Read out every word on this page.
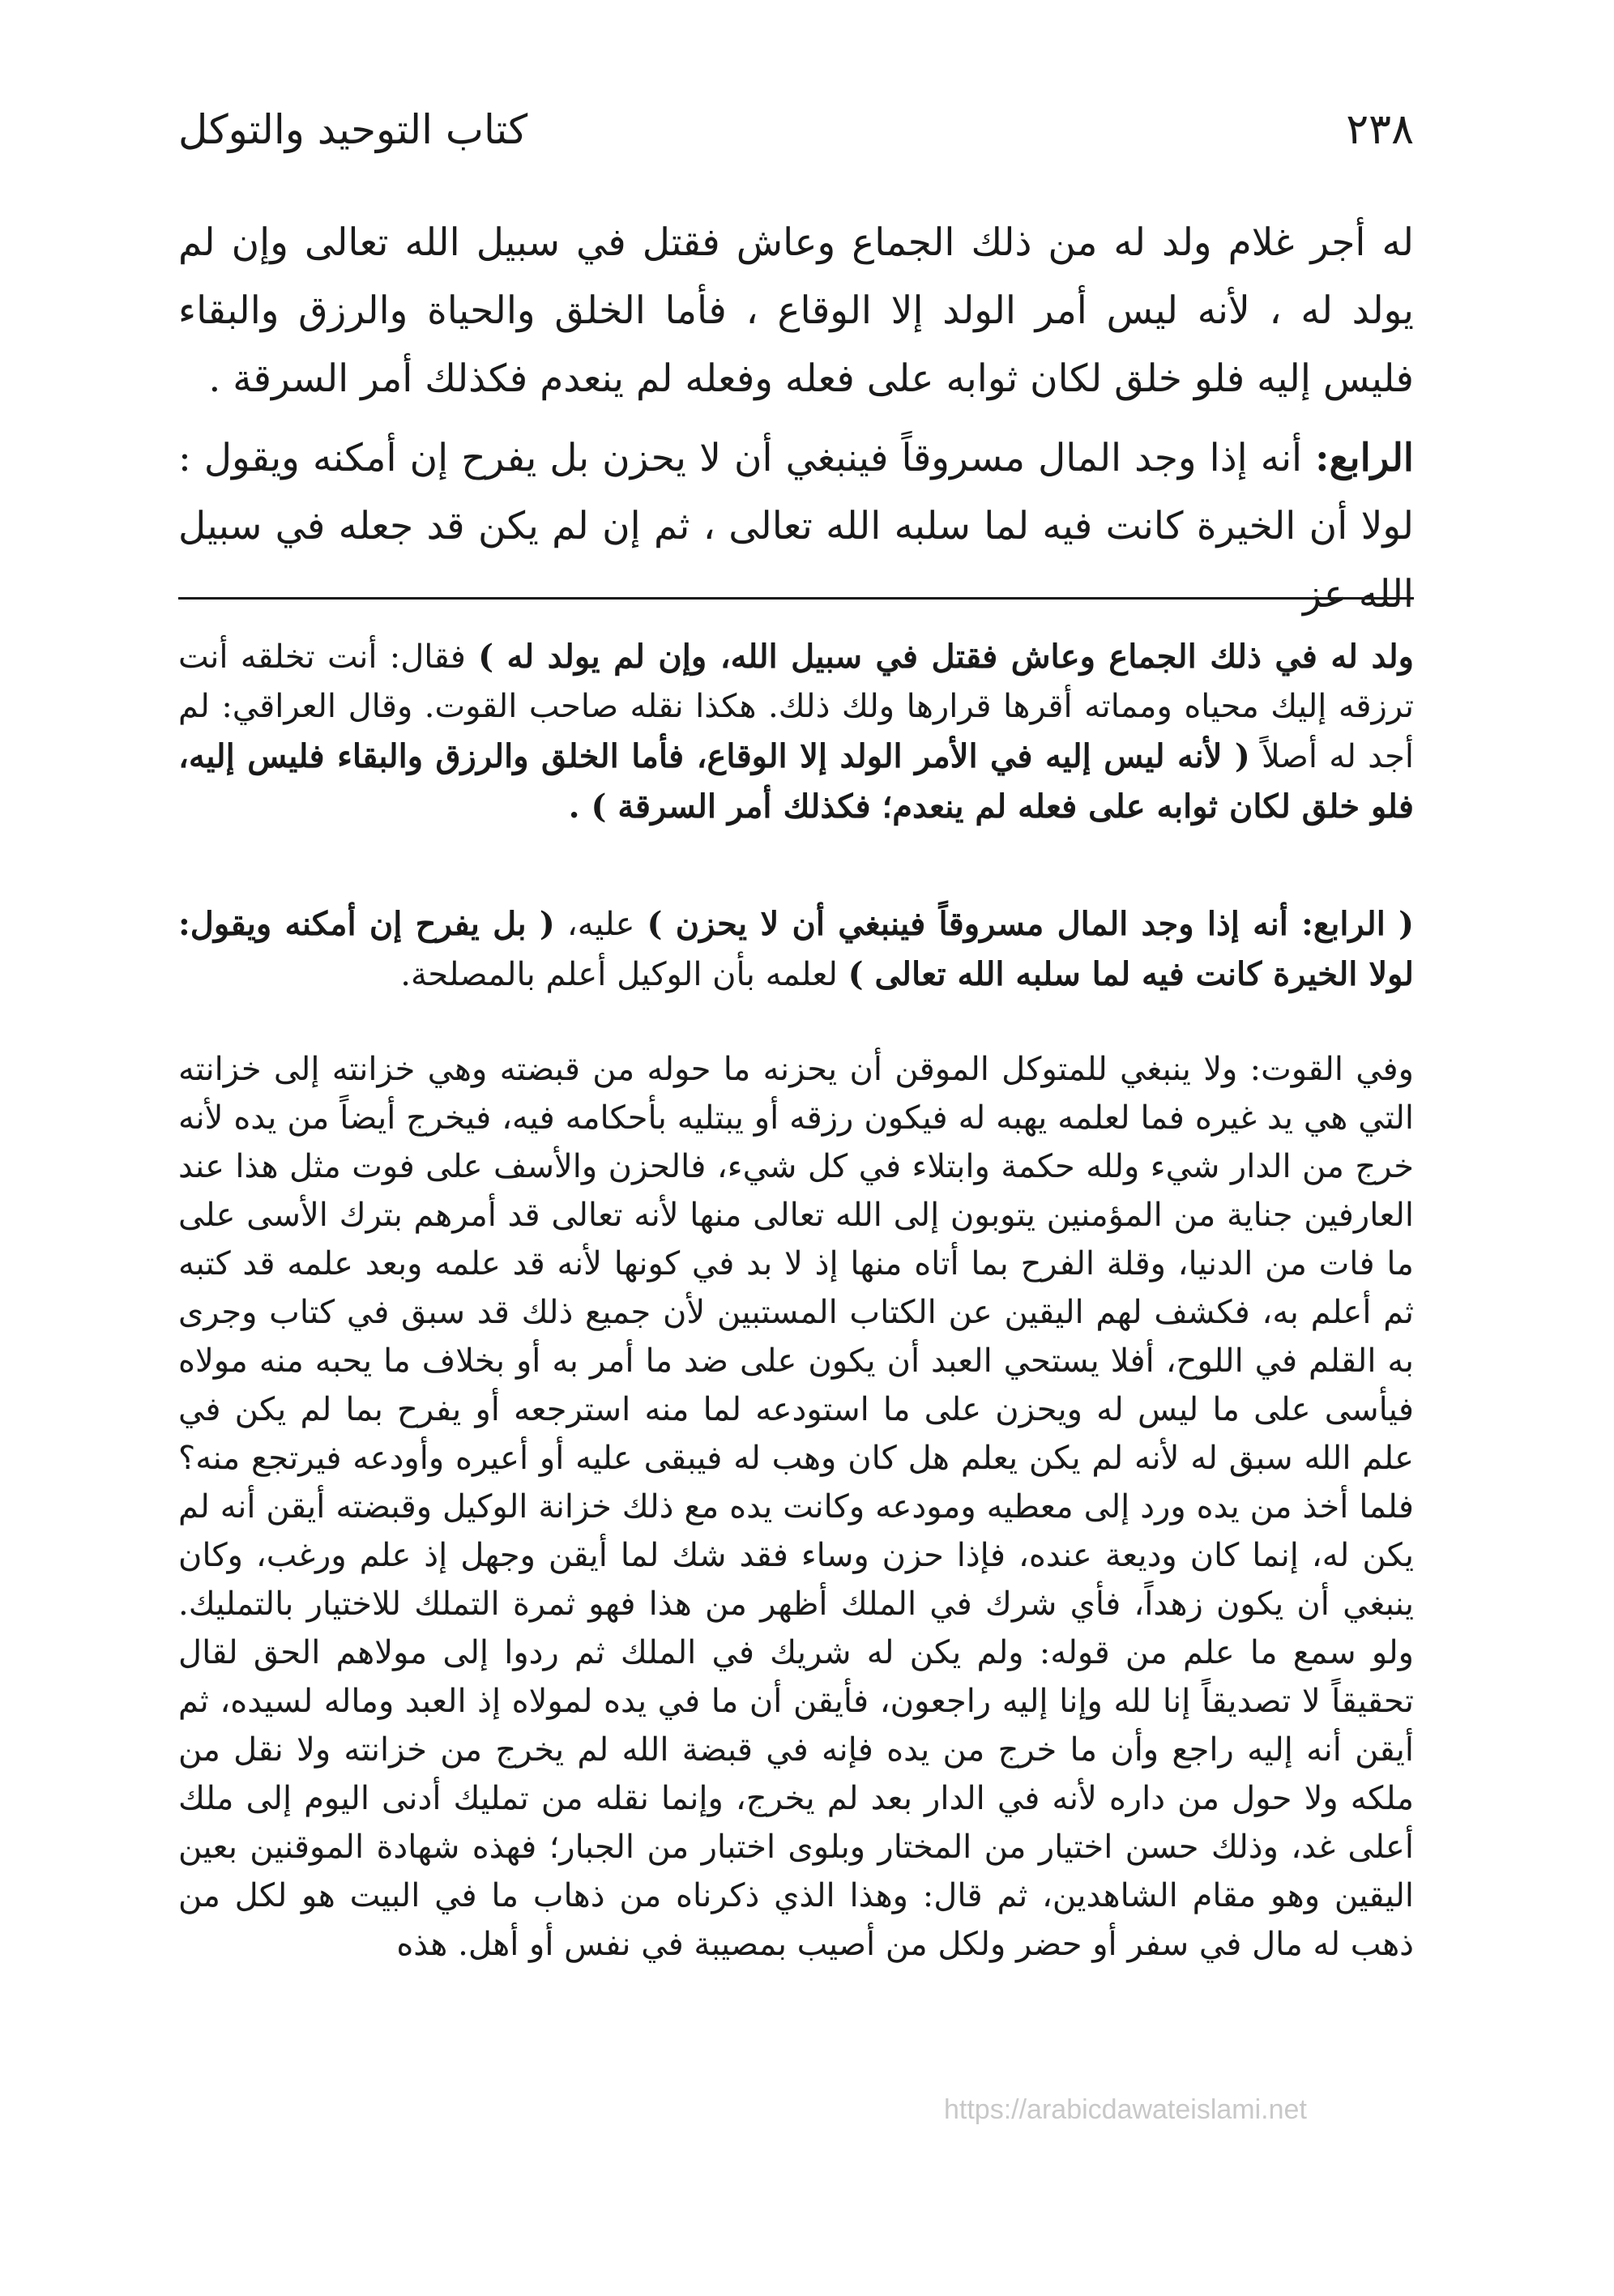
٢٣٨
كتاب التوحيد والتوكل

له أجر غلام ولد له من ذلك الجماع وعاش فقتل في سبيل الله تعالى وإن لم يولد له ، لأنه ليس أمر الولد إلا الوقاع ، فأما الخلق والحياة والرزق والبقاء فليس إليه فلو خلق لكان ثوابه على فعله وفعله لم ينعدم فكذلك أمر السرقة .

الرابع: أنه إذا وجد المال مسروقاً فينبغي أن لا يحزن بل يفرح إن أمكنه ويقول : لولا أن الخيرة كانت فيه لما سلبه الله تعالى ، ثم إن لم يكن قد جعله في سبيل الله عز

ولد له في ذلك الجماع وعاش فقتل في سبيل الله، وإن لم يولد له ) فقال: أنت تخلقه أنت ترزقه إليك محياه ومماته أقرها قرارها ولك ذلك. هكذا نقله صاحب القوت. وقال العراقي: لم أجد له أصلاً ( لأنه ليس إليه في الأمر الولد إلا الوقاع، فأما الخلق والرزق والبقاء فليس إليه، فلو خلق لكان ثوابه على فعله لم ينعدم؛ فكذلك أمر السرقة ) .

( الرابع: أنه إذا وجد المال مسروقاً فينبغي أن لا يحزن ) عليه، ( بل يفرح إن أمكنه ويقول: لولا الخيرة كانت فيه لما سلبه الله تعالى ) لعلمه بأن الوكيل أعلم بالمصلحة.

وفي القوت: ولا ينبغي للمتوكل الموقن أن يحزنه ما حوله من قبضته وهي خزانته إلى خزانته التي هي يد غيره فما لعلمه يهبه له فيكون رزقه أو يبتليه بأحكامه فيه، فيخرج أيضاً من يده لأنه خرج من الدار شيء ولله حكمة وابتلاء في كل شيء، فالحزن والأسف على فوت مثل هذا عند العارفين جناية من المؤمنين يتوبون إلى الله تعالى منها لأنه تعالى قد أمرهم بترك الأسى على ما فات من الدنيا، وقلة الفرح بما أتاه منها إذ لا بد في كونها لأنه قد علمه وبعد علمه قد كتبه ثم أعلم به، فكشف لهم اليقين عن الكتاب المستبين لأن جميع ذلك قد سبق في كتاب وجرى به القلم في اللوح، أفلا يستحي العبد أن يكون على ضد ما أمر به أو بخلاف ما يحبه منه مولاه فيأسى على ما ليس له ويحزن على ما استودعه لما منه استرجعه أو يفرح بما لم يكن في علم الله سبق له لأنه لم يكن يعلم هل كان وهب له فيبقى عليه أو أعيره وأودعه فيرتجع منه؟ فلما أخذ من يده ورد إلى معطيه ومودعه وكانت يده مع ذلك خزانة الوكيل وقبضته أيقن أنه لم يكن له، إنما كان وديعة عنده، فإذا حزن وساء فقد شك لما أيقن وجهل إذ علم ورغب، وكان ينبغي أن يكون زهداً، فأي شرك في الملك أظهر من هذا فهو ثمرة التملك للاختيار بالتمليك. ولو سمع ما علم من قوله: ولم يكن له شريك في الملك ثم ردوا إلى مولاهم الحق لقال تحقيقاً لا تصديقاً إنا لله وإنا إليه راجعون، فأيقن أن ما في يده لمولاه إذ العبد وماله لسيده، ثم أيقن أنه إليه راجع وأن ما خرج من يده فإنه في قبضة الله لم يخرج من خزانته ولا نقل من ملكه ولا حول من داره لأنه في الدار بعد لم يخرج، وإنما نقله من تمليك أدنى اليوم إلى ملك أعلى غد، وذلك حسن اختيار من المختار وبلوى اختبار من الجبار؛ فهذه شهادة الموقنين بعين اليقين وهو مقام الشاهدين، ثم قال: وهذا الذي ذكرناه من ذهاب ما في البيت هو لكل من ذهب له مال في سفر أو حضر ولكل من أصيب بمصيبة في نفس أو أهل. هذه

https://arabicdawateislami.net
